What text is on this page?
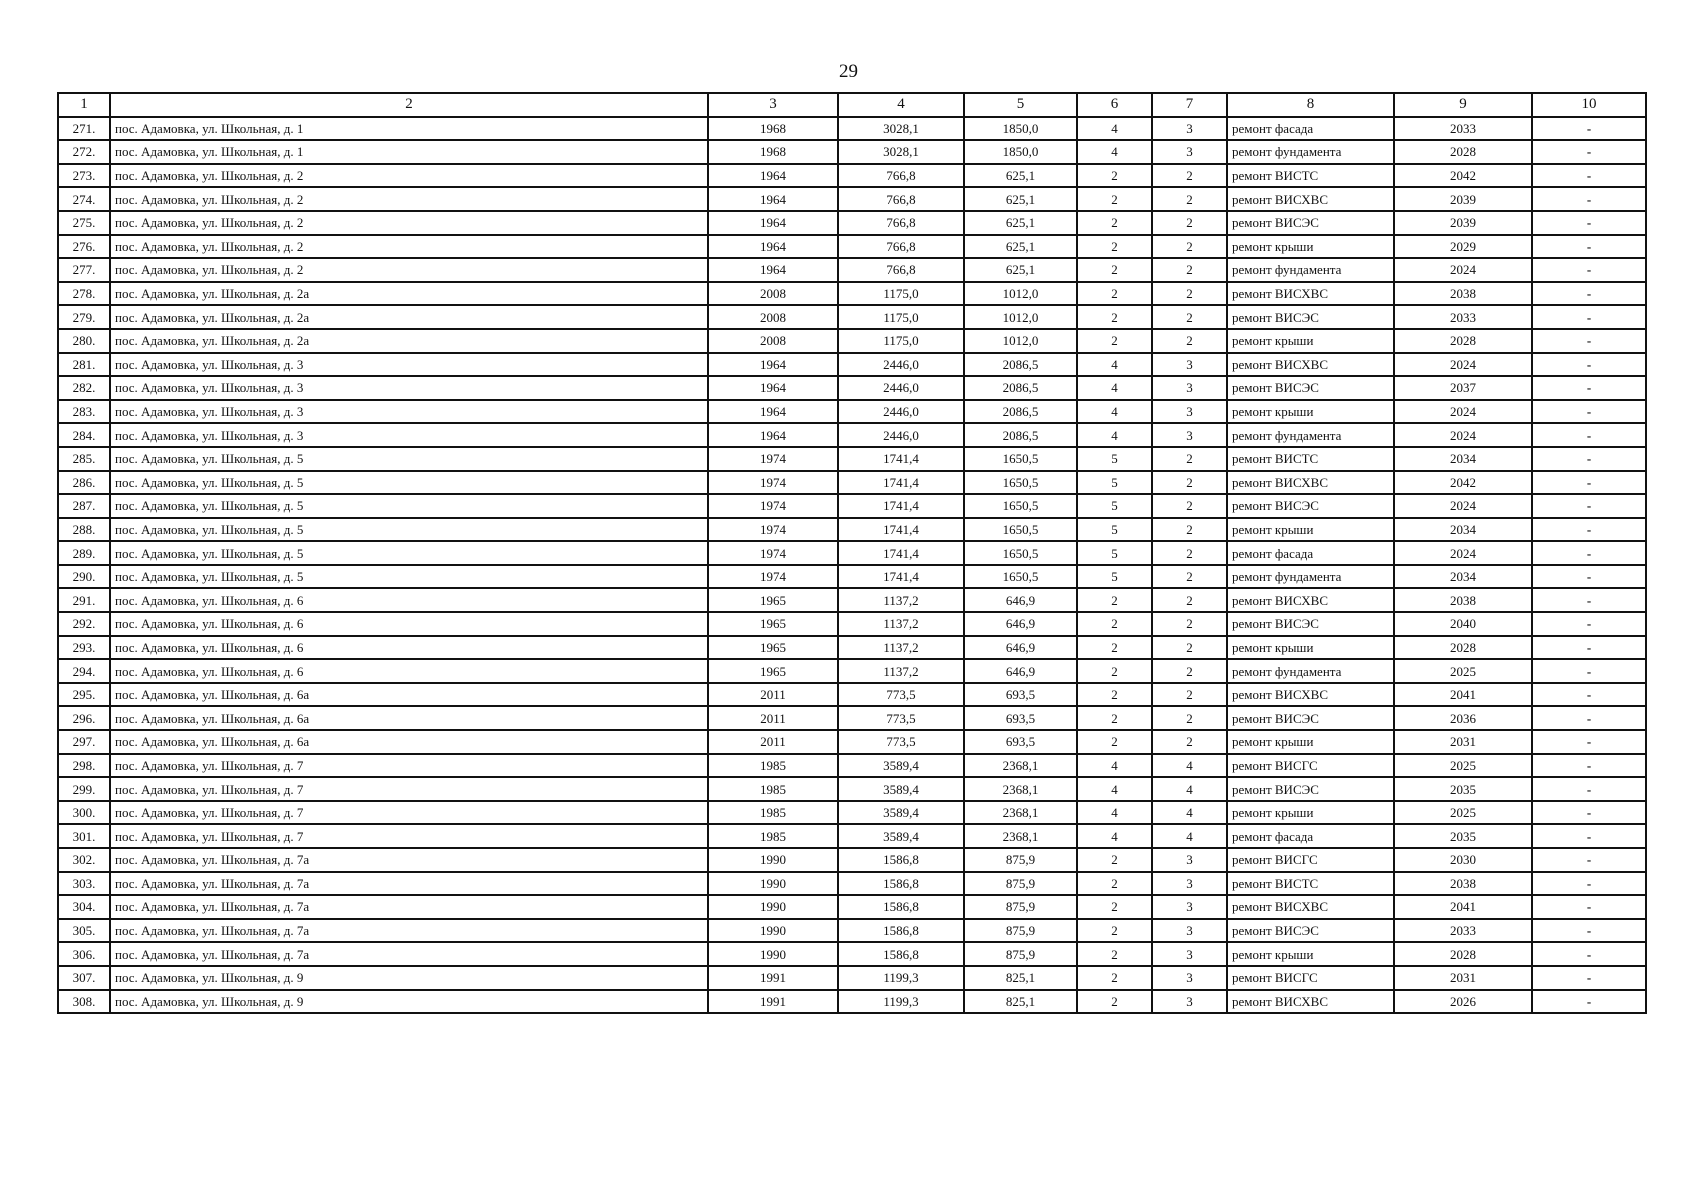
29
1	2	3	4	5	6	7	8	9	10
271.	пос. Адамовка, ул. Школьная, д. 1	1968	3028,1	1850,0	4	3	ремонт фасада	2033	-
272.	пос. Адамовка, ул. Школьная, д. 1	1968	3028,1	1850,0	4	3	ремонт фундамента	2028	-
273.	пос. Адамовка, ул. Школьная, д. 2	1964	766,8	625,1	2	2	ремонт ВИСТС	2042	-
274.	пос. Адамовка, ул. Школьная, д. 2	1964	766,8	625,1	2	2	ремонт ВИСХВС	2039	-
275.	пос. Адамовка, ул. Школьная, д. 2	1964	766,8	625,1	2	2	ремонт ВИСЭС	2039	-
276.	пос. Адамовка, ул. Школьная, д. 2	1964	766,8	625,1	2	2	ремонт крыши	2029	-
277.	пос. Адамовка, ул. Школьная, д. 2	1964	766,8	625,1	2	2	ремонт фундамента	2024	-
278.	пос. Адамовка, ул. Школьная, д. 2а	2008	1175,0	1012,0	2	2	ремонт ВИСХВС	2038	-
279.	пос. Адамовка, ул. Школьная, д. 2а	2008	1175,0	1012,0	2	2	ремонт ВИСЭС	2033	-
280.	пос. Адамовка, ул. Школьная, д. 2а	2008	1175,0	1012,0	2	2	ремонт крыши	2028	-
281.	пос. Адамовка, ул. Школьная, д. 3	1964	2446,0	2086,5	4	3	ремонт ВИСХВС	2024	-
282.	пос. Адамовка, ул. Школьная, д. 3	1964	2446,0	2086,5	4	3	ремонт ВИСЭС	2037	-
283.	пос. Адамовка, ул. Школьная, д. 3	1964	2446,0	2086,5	4	3	ремонт крыши	2024	-
284.	пос. Адамовка, ул. Школьная, д. 3	1964	2446,0	2086,5	4	3	ремонт фундамента	2024	-
285.	пос. Адамовка, ул. Школьная, д. 5	1974	1741,4	1650,5	5	2	ремонт ВИСТС	2034	-
286.	пос. Адамовка, ул. Школьная, д. 5	1974	1741,4	1650,5	5	2	ремонт ВИСХВС	2042	-
287.	пос. Адамовка, ул. Школьная, д. 5	1974	1741,4	1650,5	5	2	ремонт ВИСЭС	2024	-
288.	пос. Адамовка, ул. Школьная, д. 5	1974	1741,4	1650,5	5	2	ремонт крыши	2034	-
289.	пос. Адамовка, ул. Школьная, д. 5	1974	1741,4	1650,5	5	2	ремонт фасада	2024	-
290.	пос. Адамовка, ул. Школьная, д. 5	1974	1741,4	1650,5	5	2	ремонт фундамента	2034	-
291.	пос. Адамовка, ул. Школьная, д. 6	1965	1137,2	646,9	2	2	ремонт ВИСХВС	2038	-
292.	пос. Адамовка, ул. Школьная, д. 6	1965	1137,2	646,9	2	2	ремонт ВИСЭС	2040	-
293.	пос. Адамовка, ул. Школьная, д. 6	1965	1137,2	646,9	2	2	ремонт крыши	2028	-
294.	пос. Адамовка, ул. Школьная, д. 6	1965	1137,2	646,9	2	2	ремонт фундамента	2025	-
295.	пос. Адамовка, ул. Школьная, д. 6а	2011	773,5	693,5	2	2	ремонт ВИСХВС	2041	-
296.	пос. Адамовка, ул. Школьная, д. 6а	2011	773,5	693,5	2	2	ремонт ВИСЭС	2036	-
297.	пос. Адамовка, ул. Школьная, д. 6а	2011	773,5	693,5	2	2	ремонт крыши	2031	-
298.	пос. Адамовка, ул. Школьная, д. 7	1985	3589,4	2368,1	4	4	ремонт ВИСГС	2025	-
299.	пос. Адамовка, ул. Школьная, д. 7	1985	3589,4	2368,1	4	4	ремонт ВИСЭС	2035	-
300.	пос. Адамовка, ул. Школьная, д. 7	1985	3589,4	2368,1	4	4	ремонт крыши	2025	-
301.	пос. Адамовка, ул. Школьная, д. 7	1985	3589,4	2368,1	4	4	ремонт фасада	2035	-
302.	пос. Адамовка, ул. Школьная, д. 7а	1990	1586,8	875,9	2	3	ремонт ВИСГС	2030	-
303.	пос. Адамовка, ул. Школьная, д. 7а	1990	1586,8	875,9	2	3	ремонт ВИСТС	2038	-
304.	пос. Адамовка, ул. Школьная, д. 7а	1990	1586,8	875,9	2	3	ремонт ВИСХВС	2041	-
305.	пос. Адамовка, ул. Школьная, д. 7а	1990	1586,8	875,9	2	3	ремонт ВИСЭС	2033	-
306.	пос. Адамовка, ул. Школьная, д. 7а	1990	1586,8	875,9	2	3	ремонт крыши	2028	-
307.	пос. Адамовка, ул. Школьная, д. 9	1991	1199,3	825,1	2	3	ремонт ВИСГС	2031	-
308.	пос. Адамовка, ул. Школьная, д. 9	1991	1199,3	825,1	2	3	ремонт ВИСХВС	2026	-
